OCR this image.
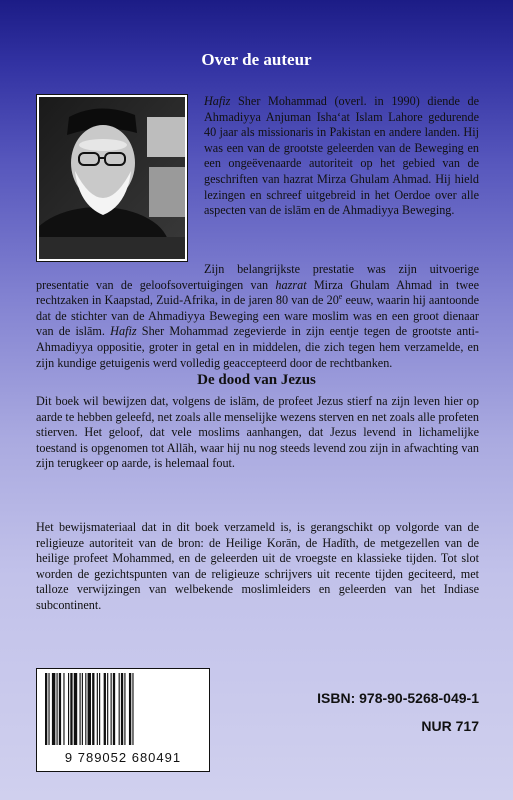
Over de auteur

Hafiz Sher Mohammad (overl. in 1990) diende de Ahmadiyya Anjuman Isha‘at Islam Lahore gedurende 40 jaar als missionaris in Pakistan en andere landen. Hij was een van de grootste geleerden van de Beweging en een ongeëvenaarde autoriteit op het gebied van de geschriften van hazrat Mirza Ghulam Ahmad. Hij hield lezingen en schreef uitgebreid in het Oerdoe over alle aspecten van de islām en de Ahmadiyya Beweging.

Zijn belangrijkste prestatie was zijn uitvoerige presentatie van de geloofsovertuigingen van hazrat Mirza Ghulam Ahmad in twee rechtzaken in Kaapstad, Zuid-Afrika, in de jaren 80 van de 20e eeuw, waarin hij aantoonde dat de stichter van de Ahmadiyya Beweging een ware moslim was en een groot dienaar van de islām. Hafiz Sher Mohammad zegevierde in zijn eentje tegen de grootste anti-Ahmadiyya oppositie, groter in getal en in middelen, die zich tegen hem verzamelde, en zijn kundige getuigenis werd volledig geaccepteerd door de rechtbanken.

De dood van Jezus

Dit boek wil bewijzen dat, volgens de islām, de profeet Jezus stierf na zijn leven hier op aarde te hebben geleefd, net zoals alle menselijke wezens sterven en net zoals alle profeten stierven. Het geloof, dat vele moslims aanhangen, dat Jezus levend in lichamelijke toestand is opgenomen tot Allāh, waar hij nu nog steeds levend zou zijn in afwachting van zijn terugkeer op aarde, is helemaal fout.

Het bewijsmateriaal dat in dit boek verzameld is, is gerangschikt op volgorde van de religieuze autoriteit van de bron: de Heilige Korān, de Hadīth, de metgezellen van de heilige profeet Mohammed, en de geleerden uit de vroegste en klassieke tijden. Tot slot worden de gezichtspunten van de religieuze schrijvers uit recente tijden geciteerd, met talloze verwijzingen van welbekende moslimleiders en geleerden van het Indiase subcontinent.

9 789052 680491
ISBN: 978-90-5268-049-1
NUR 717
